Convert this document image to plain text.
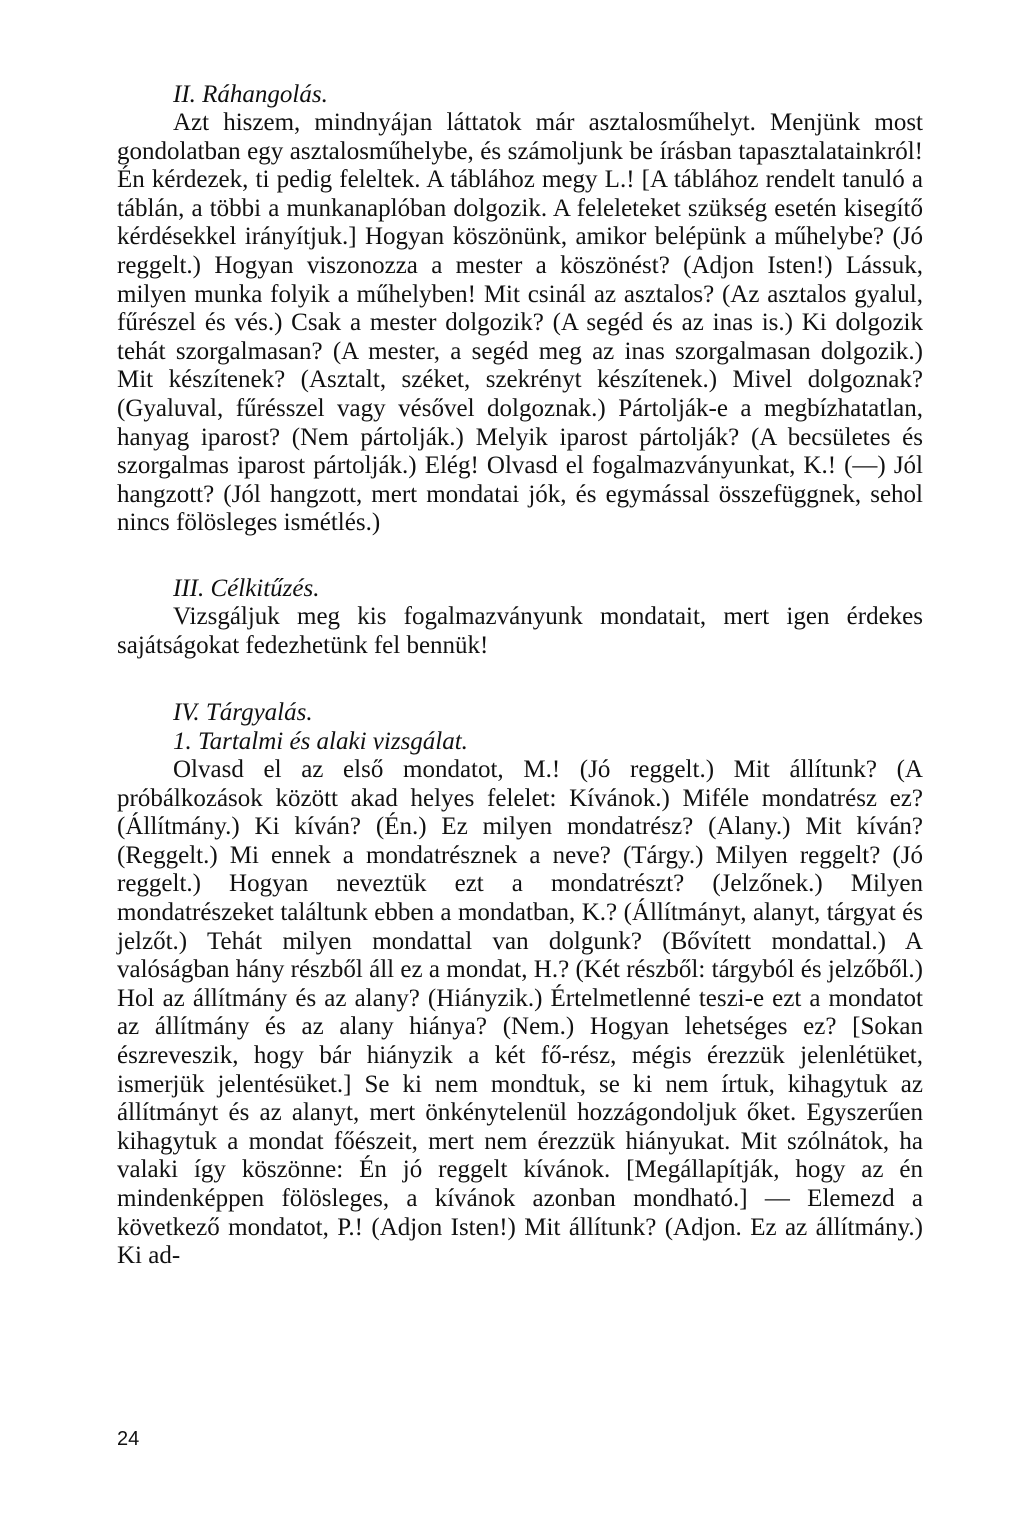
II. Ráhangolás.

Azt hiszem, mindnyájan láttatok már asztalosműhelyt. Menjünk most gondolatban egy asztalosműhelybe, és számoljunk be írásban tapasztalatainkról! Én kérdezek, ti pedig feleltek. A táblához megy L.! [A táblához rendelt tanuló a táblán, a többi a munkanaplóban dolgozik. A feleleteket szükség esetén kisegítő kérdésekkel irányítjuk.] Hogyan köszönünk, amikor belépünk a műhelybe? (Jó reggelt.) Hogyan viszonozza a mester a köszönést? (Adjon Isten!) Lássuk, milyen munka folyik a műhelyben! Mit csinál az asztalos? (Az asztalos gyalul, fűrészel és vés.) Csak a mester dolgozik? (A segéd és az inas is.) Ki dolgozik tehát szorgalmasan? (A mester, a segéd meg az inas szorgalmasan dolgozik.) Mit készítenek? (Asztalt, széket, szekrényt készítenek.) Mivel dolgoznak? (Gyaluval, fűrésszel vagy vésővel dolgoznak.) Pártolják-e a megbízhatatlan, hanyag iparost? (Nem pártolják.) Melyik iparost pártolják? (A becsületes és szorgalmas iparost pártolják.) Elég! Olvasd el fogalmazványunkat, K.! (—) Jól hangzott? (Jól hangzott, mert mondatai jók, és egymással összefüggnek, sehol nincs fölösleges ismétlés.)

III. Célkitűzés.

Vizsgáljuk meg kis fogalmazványunk mondatait, mert igen érdekes sajátságokat fedezhetünk fel bennük!

IV. Tárgyalás.

1. Tartalmi és alaki vizsgálat.

Olvasd el az első mondatot, M.! (Jó reggelt.) Mit állítunk? (A próbálkozások között akad helyes felelet: Kívánok.) Miféle mondatrész ez? (Állítmány.) Ki kíván? (Én.) Ez milyen mondatrész? (Alany.) Mit kíván? (Reggelt.) Mi ennek a mondatrésznek a neve? (Tárgy.) Milyen reggelt? (Jó reggelt.) Hogyan neveztük ezt a mondatrészt? (Jelzőnek.) Milyen mondatrészeket találtunk ebben a mondatban, K.? (Állítmányt, alanyt, tárgyat és jelzőt.) Tehát milyen mondattal van dolgunk? (Bővített mondattal.) A valóságban hány részből áll ez a mondat, H.? (Két részből: tárgyból és jelzőből.) Hol az állítmány és az alany? (Hiányzik.) Értelmetlenné teszi-e ezt a mondatot az állítmány és az alany hiánya? (Nem.) Hogyan lehetséges ez? [Sokan észreveszik, hogy bár hiányzik a két fő-rész, mégis érezzük jelenlétüket, ismerjük jelentésüket.] Se ki nem mondtuk, se ki nem írtuk, kihagytuk az állítmányt és az alanyt, mert önkénytelenül hozzágondoljuk őket. Egyszerűen kihagytuk a mondat főészeit, mert nem érezzük hiányukat. Mit szólnátok, ha valaki így köszönne: Én jó reggelt kívánok. [Megállapítják, hogy az én mindenképpen fölösleges, a kívánok azonban mondható.] — Elemezd a következő mondatot, P.! (Adjon Isten!) Mit állítunk? (Adjon. Ez az állítmány.) Ki ad-

24
